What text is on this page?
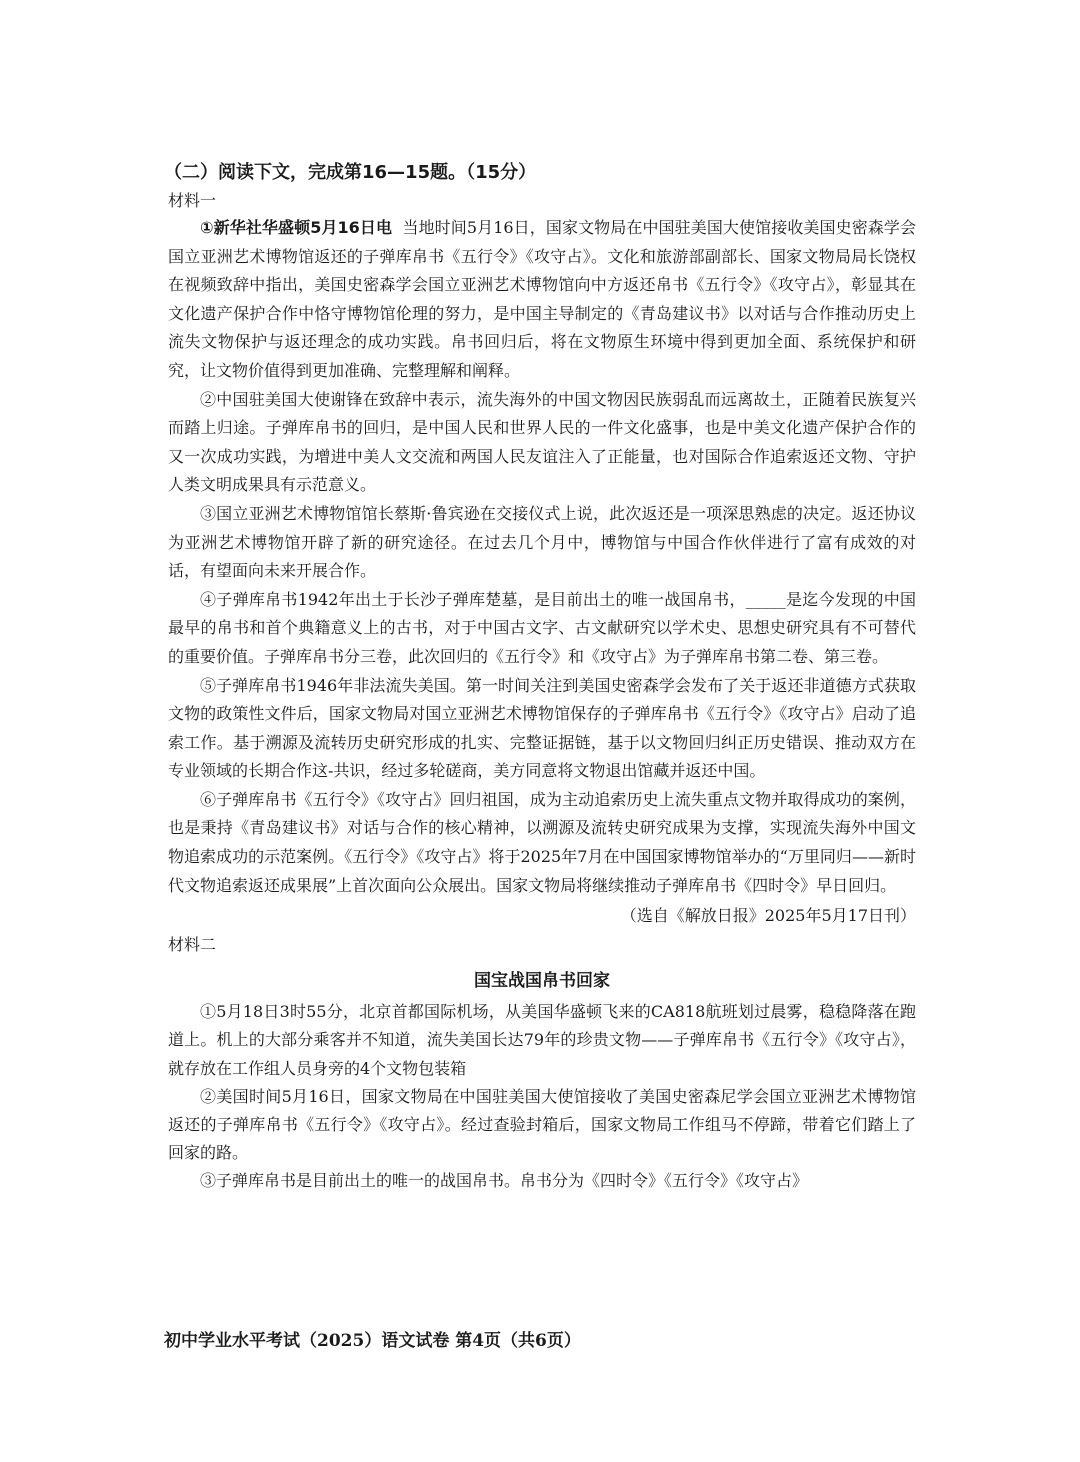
（二）阅读下文，完成第16—15题。（15分）

材料一

①新华社华盛顿5月16日电  当地时间5月16日，国家文物局在中国驻美国大使馆接收美国史密森学会国立亚洲艺术博物馆返还的子弹库帛书《五行令》《攻守占》。文化和旅游部副部长、国家文物局局长饶权在视频致辞中指出，美国史密森学会国立亚洲艺术博物馆向中方返还帛书《五行令》《攻守占》，彰显其在文化遗产保护合作中恪守博物馆伦理的努力，是中国主导制定的《青岛建议书》以对话与合作推动历史上流失文物保护与返还理念的成功实践。帛书回归后，将在文物原生环境中得到更加全面、系统保护和研究，让文物价值得到更加准确、完整理解和阐释。

②中国驻美国大使谢锋在致辞中表示，流失海外的中国文物因民族弱乱而远离故土，正随着民族复兴而踏上归途。子弹库帛书的回归，是中国人民和世界人民的一件文化盛事，也是中美文化遗产保护合作的又一次成功实践，为增进中美人文交流和两国人民友谊注入了正能量，也对国际合作追索返还文物、守护人类文明成果具有示范意义。

③国立亚洲艺术博物馆馆长蔡斯·鲁宾逊在交接仪式上说，此次返还是一项深思熟虑的决定。返还协议为亚洲艺术博物馆开辟了新的研究途径。在过去几个月中，博物馆与中国合作伙伴进行了富有成效的对话，有望面向未来开展合作。

④子弹库帛书1942年出土于长沙子弹库楚墓，是目前出土的唯一战国帛书，_____是迄今发现的中国最早的帛书和首个典籍意义上的古书，对于中国古文字、古文献研究以学术史、思想史研究具有不可替代的重要价值。子弹库帛书分三卷，此次回归的《五行令》和《攻守占》为子弹库帛书第二卷、第三卷。

⑤子弹库帛书1946年非法流失美国。第一时间关注到美国史密森学会发布了关于返还非道德方式获取文物的政策性文件后，国家文物局对国立亚洲艺术博物馆保存的子弹库帛书《五行令》《攻守占》启动了追索工作。基于溯源及流转历史研究形成的扎实、完整证据链，基于以文物回归纠正历史错误、推动双方在专业领域的长期合作这-共识，经过多轮磋商，美方同意将文物退出馆藏并返还中国。

⑥子弹库帛书《五行令》《攻守占》回归祖国，成为主动追索历史上流失重点文物并取得成功的案例，也是秉持《青岛建议书》对话与合作的核心精神，以溯源及流转史研究成果为支撑，实现流失海外中国文物追索成功的示范案例。《五行令》《攻守占》将于2025年7月在中国国家博物馆举办的“万里同归——新时代文物追索返还成果展”上首次面向公众展出。国家文物局将继续推动子弹库帛书《四时令》早日回归。

（选自《解放日报》2025年5月17日刊）

材料二

国宝战国帛书回家

①5月18日3时55分，北京首都国际机场，从美国华盛顿飞来的CA818航班划过晨雾，稳稳降落在跑道上。机上的大部分乘客并不知道，流失美国长达79年的珍贵文物——子弹库帛书《五行令》《攻守占》，就存放在工作组人员身旁的4个文物包装箱

②美国时间5月16日，国家文物局在中国驻美国大使馆接收了美国史密森尼学会国立亚洲艺术博物馆返还的子弹库帛书《五行令》《攻守占》。经过查验封箱后，国家文物局工作组马不停蹄，带着它们踏上了回家的路。

③子弹库帛书是目前出土的唯一的战国帛书。帛书分为《四时令》《五行令》《攻守占》

初中学业水平考试（2025）语文试卷 第4页（共6页）
